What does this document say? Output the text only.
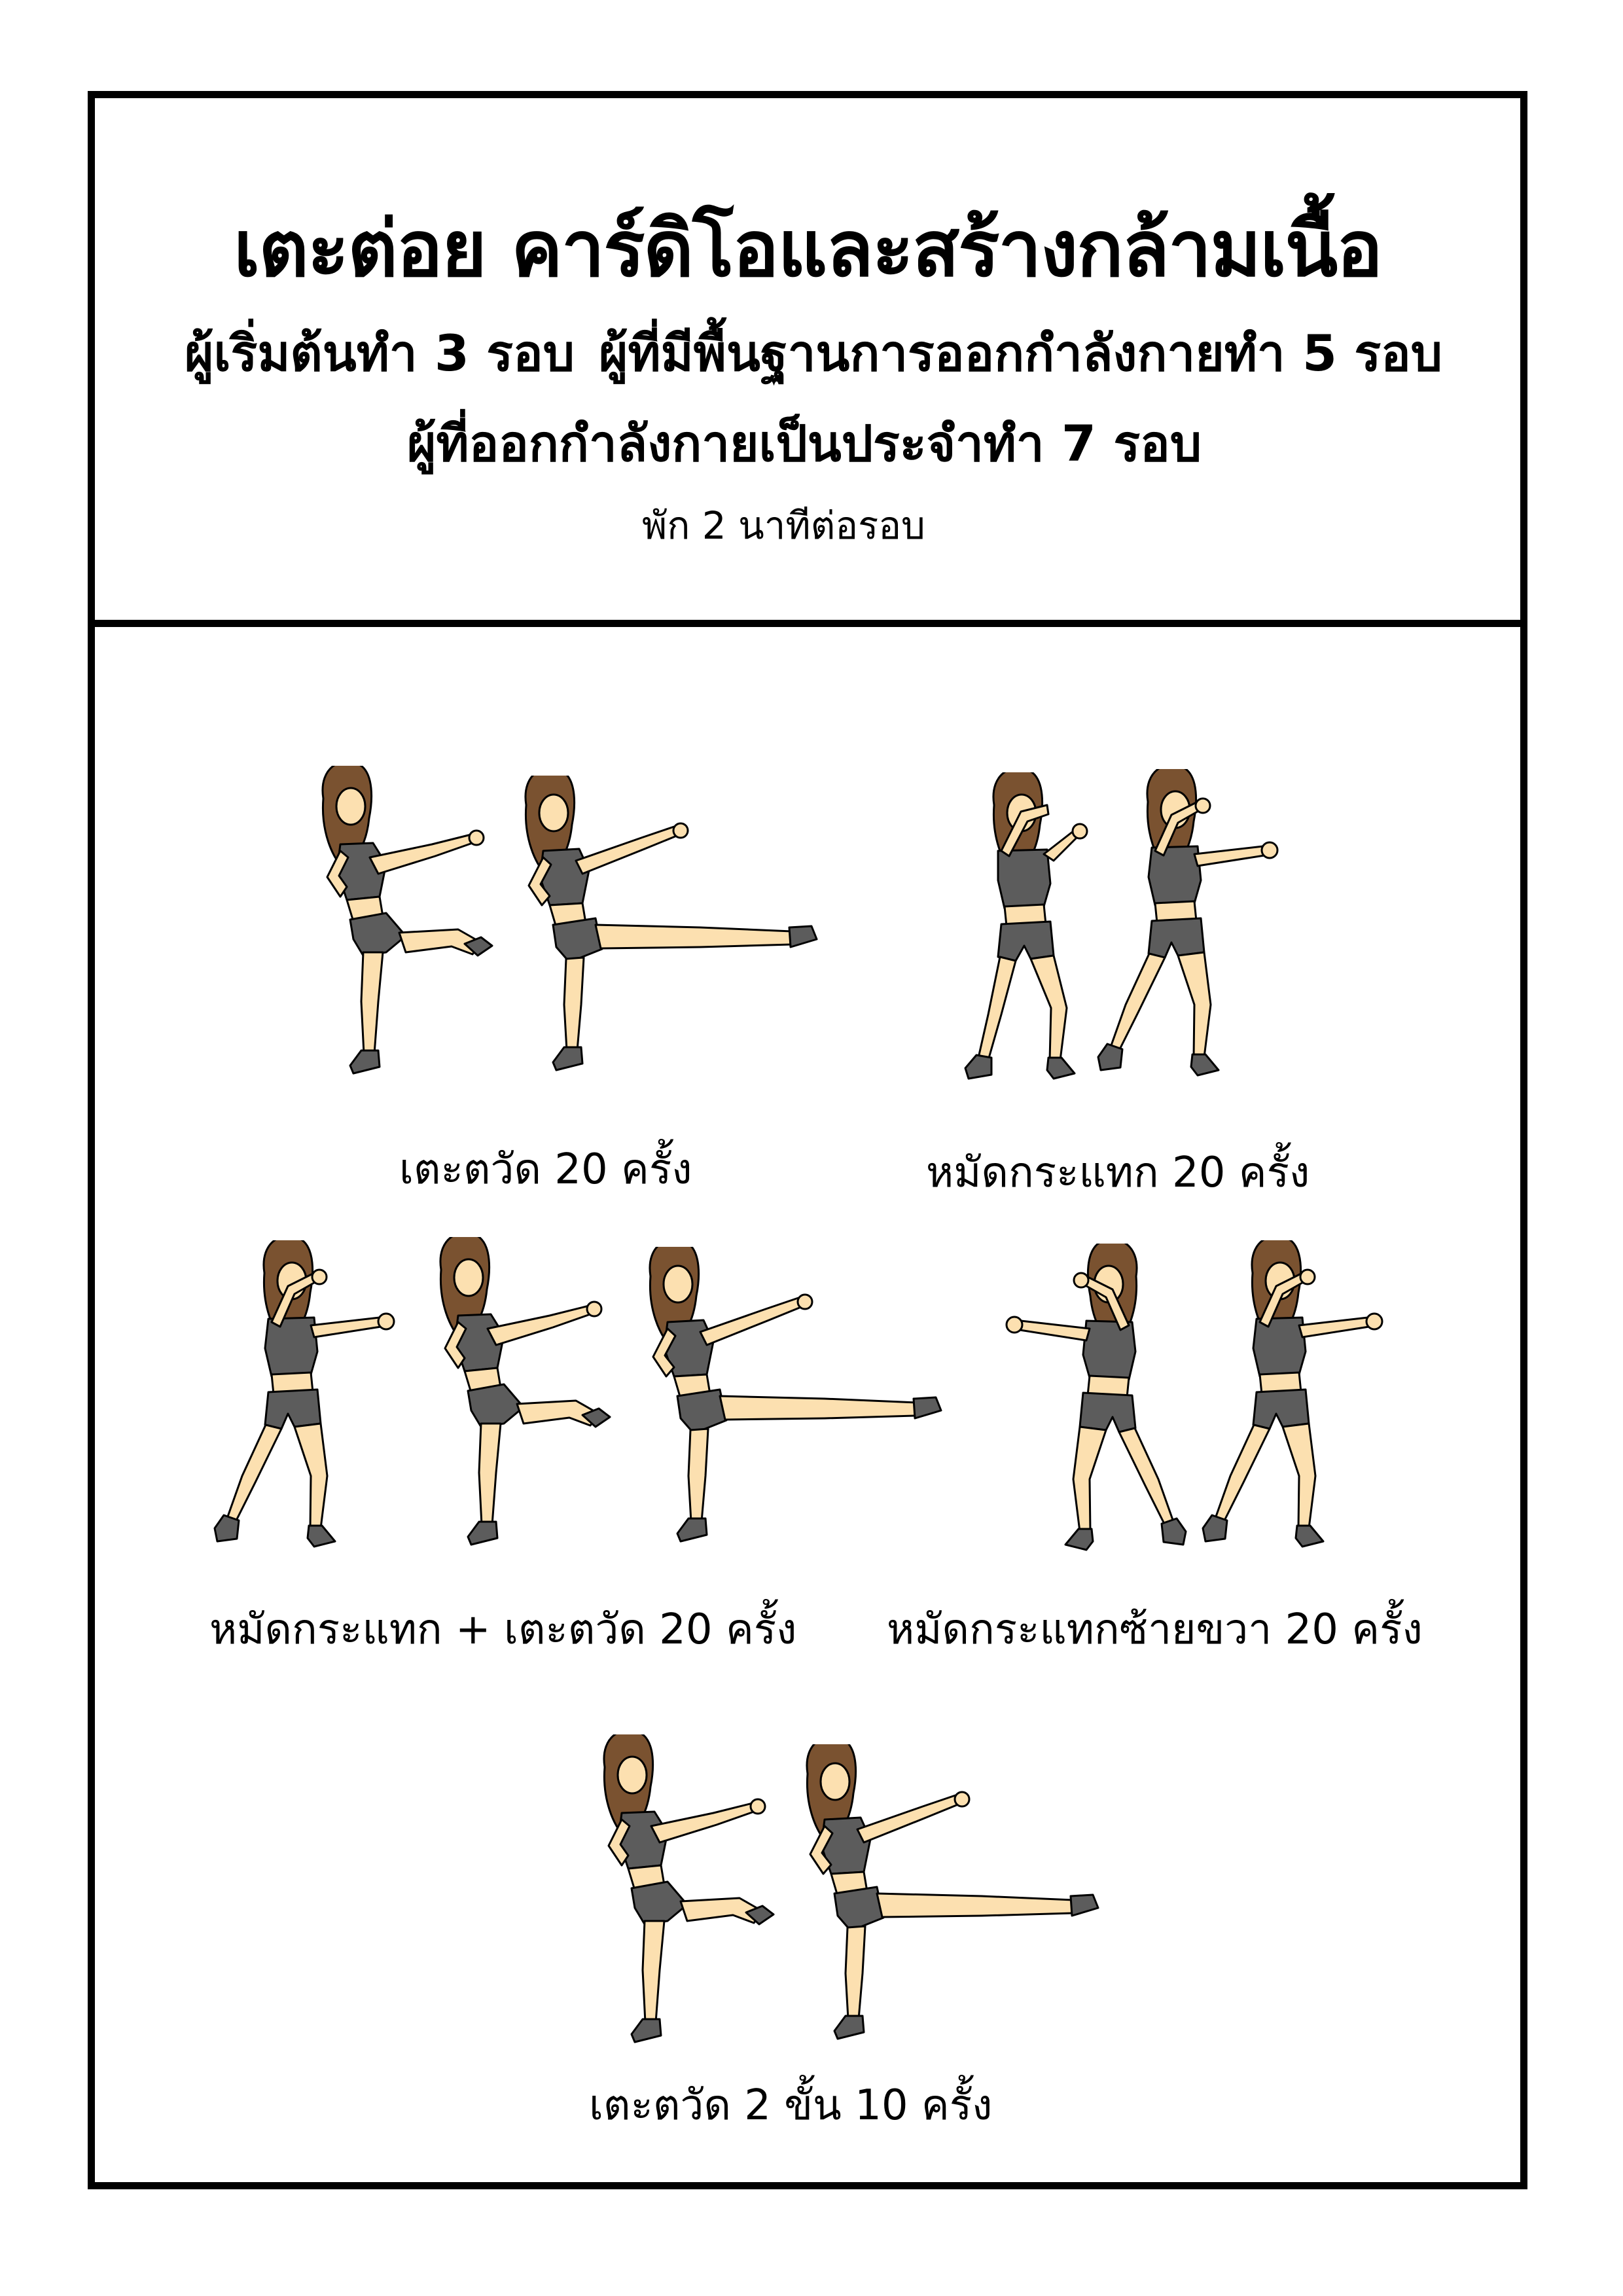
เตะต่อย คาร์ดิโอและสร้างกล้ามเนื้อ
ผู้เริ่มต้นทำ 3 รอบ ผู้ที่มีพื้นฐานการออกกำลังกายทำ 5 รอบ
ผู้ที่ออกกำลังกายเป็นประจำทำ 7 รอบ
พัก 2 นาทีต่อรอบ
เตะตวัด 20 ครั้ง	หมัดกระแทก 20 ครั้ง
หมัดกระแทก + เตะตวัด 20 ครั้ง หมัดกระแทกซ้ายขวา 20 ครั้ง
เตะตวัด 2 ขั้น 10 ครั้ง
